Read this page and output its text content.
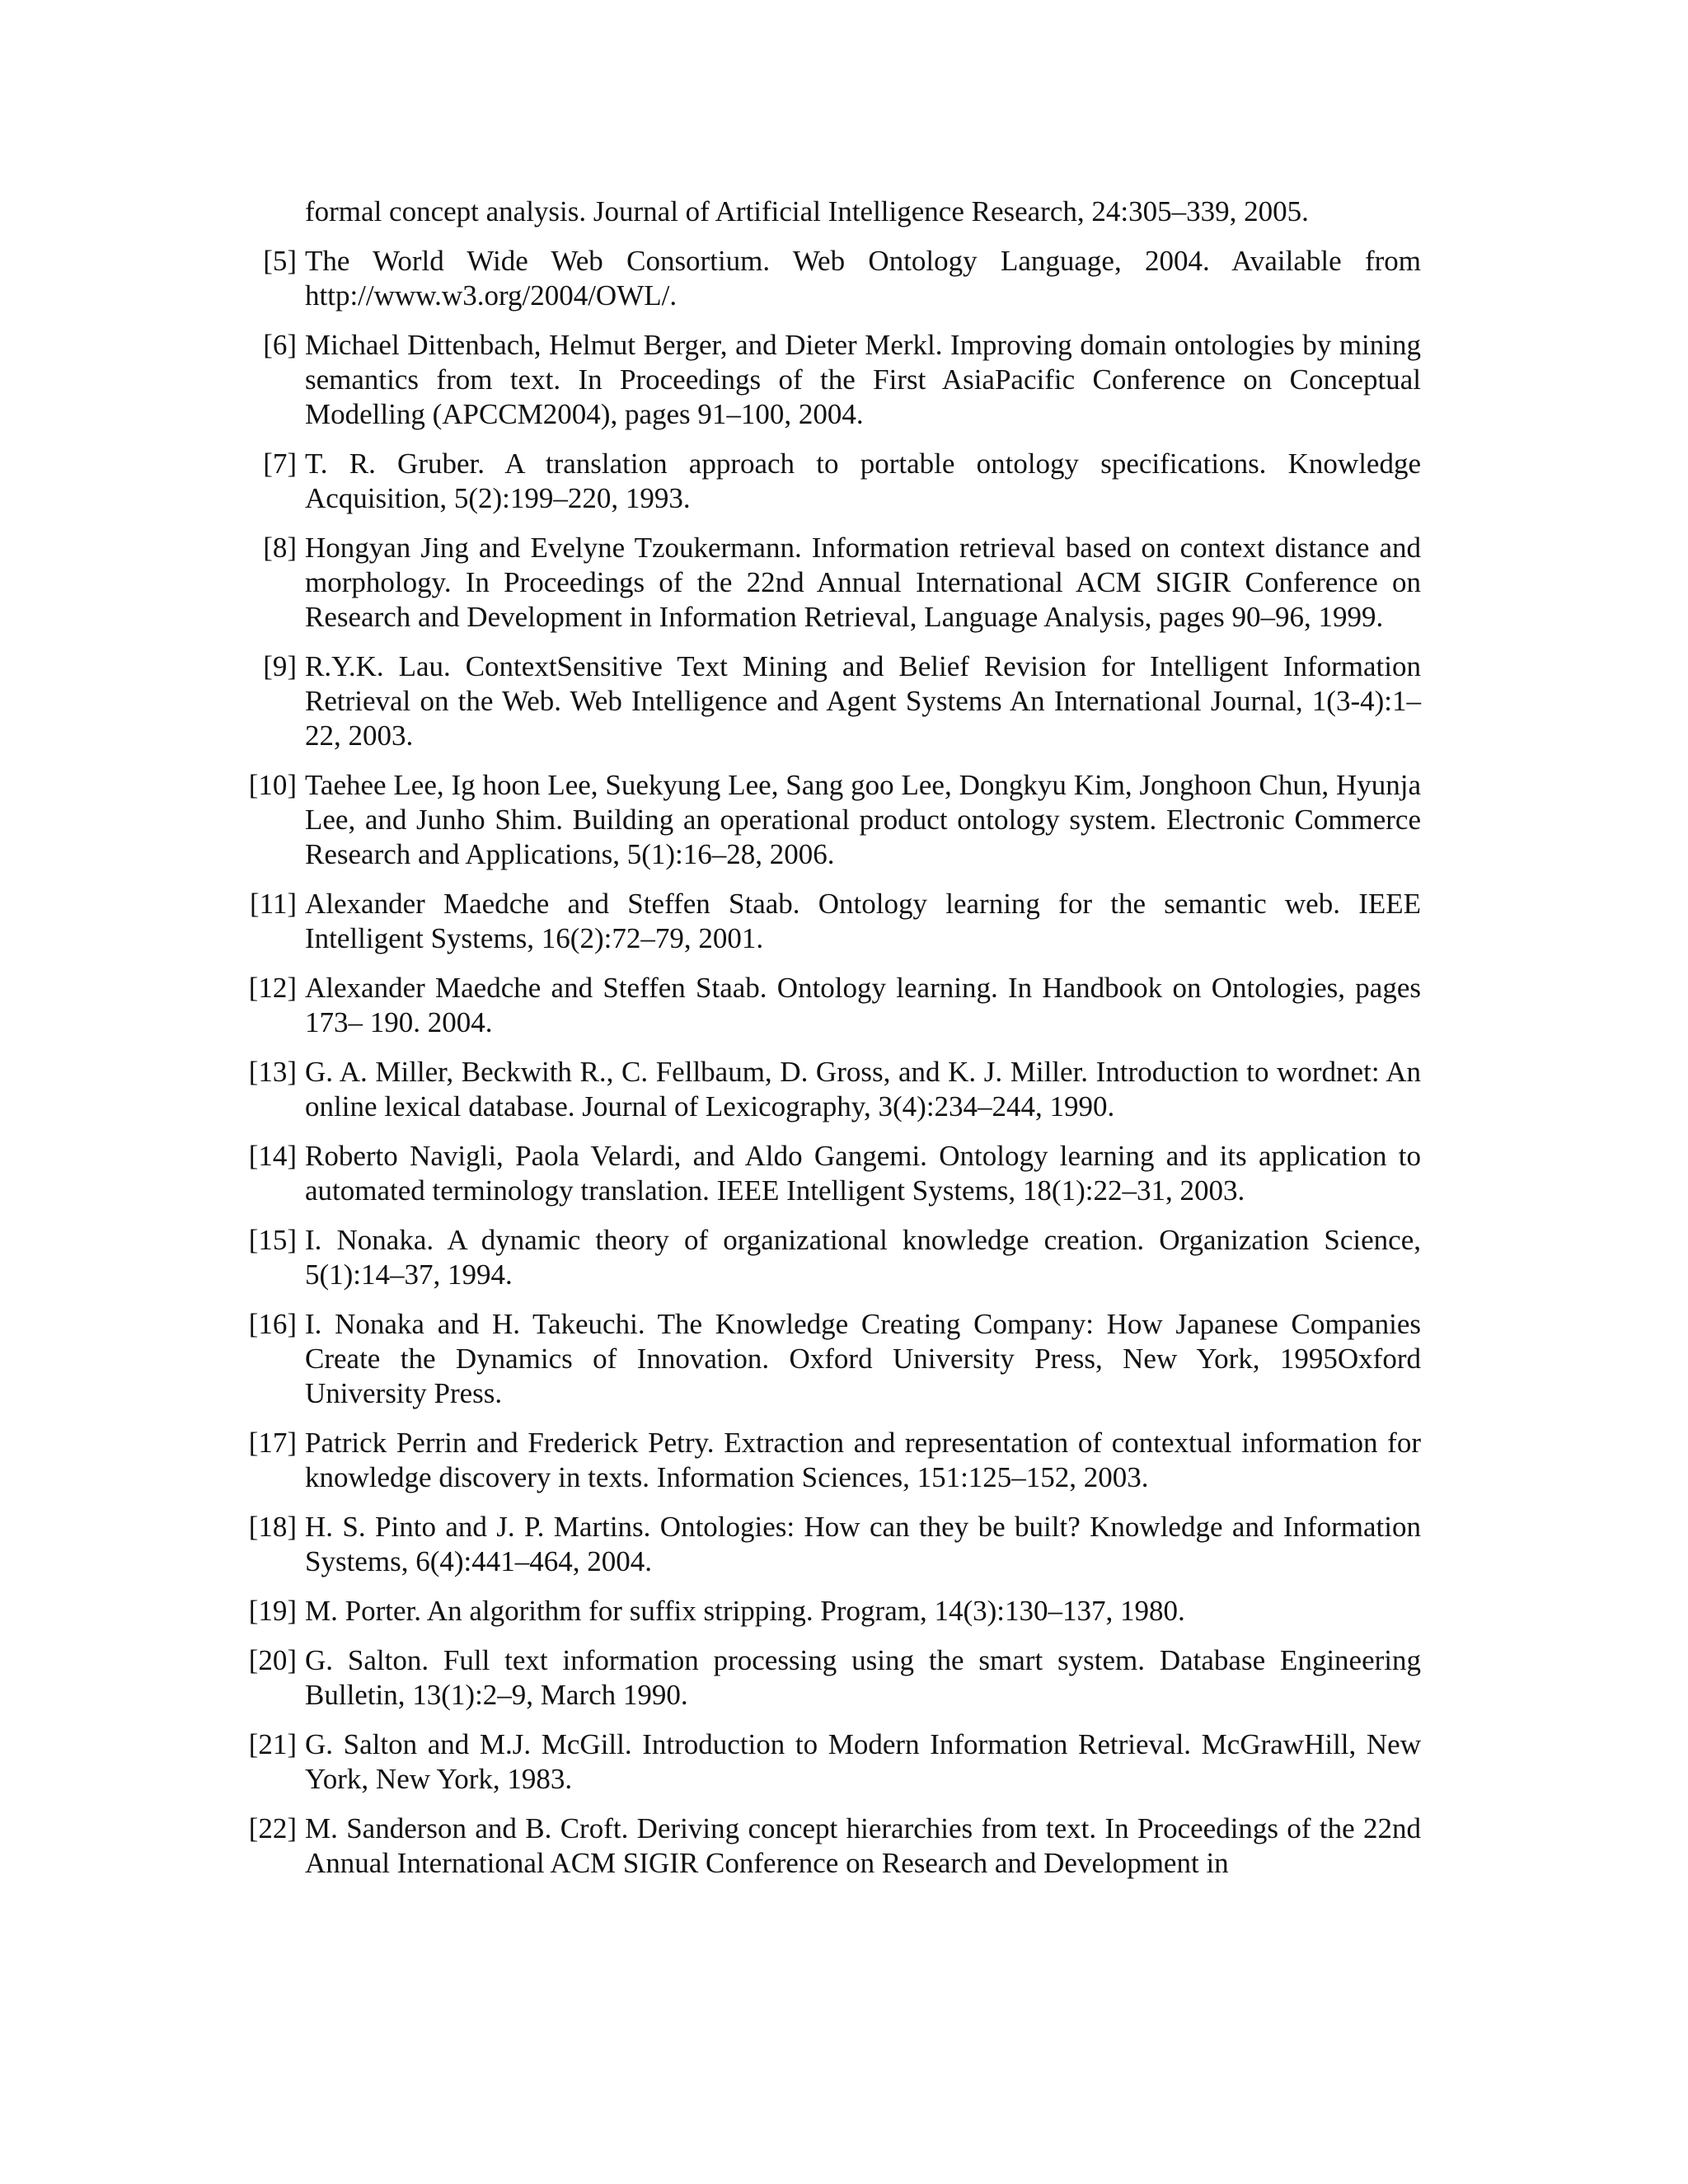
formal concept analysis. Journal of Artificial Intelligence Research, 24:305–339, 2005.
[5] The World Wide Web Consortium. Web Ontology Language, 2004. Available from http://www.w3.org/2004/OWL/.
[6] Michael Dittenbach, Helmut Berger, and Dieter Merkl. Improving domain ontologies by mining semantics from text. In Proceedings of the First AsiaPacific Conference on Conceptual Modelling (APCCM2004), pages 91–100, 2004.
[7] T. R. Gruber. A translation approach to portable ontology specifications. Knowledge Acquisition, 5(2):199–220, 1993.
[8] Hongyan Jing and Evelyne Tzoukermann. Information retrieval based on context distance and morphology. In Proceedings of the 22nd Annual International ACM SIGIR Conference on Research and Development in Information Retrieval, Language Analysis, pages 90–96, 1999.
[9] R.Y.K. Lau. ContextSensitive Text Mining and Belief Revision for Intelligent Information Retrieval on the Web. Web Intelligence and Agent Systems An International Journal, 1(3-4):1–22, 2003.
[10] Taehee Lee, Ig hoon Lee, Suekyung Lee, Sang goo Lee, Dongkyu Kim, Jonghoon Chun, Hyunja Lee, and Junho Shim. Building an operational product ontology system. Electronic Commerce Research and Applications, 5(1):16–28, 2006.
[11] Alexander Maedche and Steffen Staab. Ontology learning for the semantic web. IEEE Intelligent Systems, 16(2):72–79, 2001.
[12] Alexander Maedche and Steffen Staab. Ontology learning. In Handbook on Ontologies, pages 173– 190. 2004.
[13] G. A. Miller, Beckwith R., C. Fellbaum, D. Gross, and K. J. Miller. Introduction to wordnet: An online lexical database. Journal of Lexicography, 3(4):234–244, 1990.
[14] Roberto Navigli, Paola Velardi, and Aldo Gangemi. Ontology learning and its application to automated terminology translation. IEEE Intelligent Systems, 18(1):22–31, 2003.
[15] I. Nonaka. A dynamic theory of organizational knowledge creation. Organization Science, 5(1):14–37, 1994.
[16] I. Nonaka and H. Takeuchi. The Knowledge Creating Company: How Japanese Companies Create the Dynamics of Innovation. Oxford University Press, New York, 1995Oxford University Press.
[17] Patrick Perrin and Frederick Petry. Extraction and representation of contextual information for knowledge discovery in texts. Information Sciences, 151:125–152, 2003.
[18] H. S. Pinto and J. P. Martins. Ontologies: How can they be built? Knowledge and Information Systems, 6(4):441–464, 2004.
[19] M. Porter. An algorithm for suffix stripping. Program, 14(3):130–137, 1980.
[20] G. Salton. Full text information processing using the smart system. Database Engineering Bulletin, 13(1):2–9, March 1990.
[21] G. Salton and M.J. McGill. Introduction to Modern Information Retrieval. McGrawHill, New York, New York, 1983.
[22] M. Sanderson and B. Croft. Deriving concept hierarchies from text. In Proceedings of the 22nd Annual International ACM SIGIR Conference on Research and Development in
